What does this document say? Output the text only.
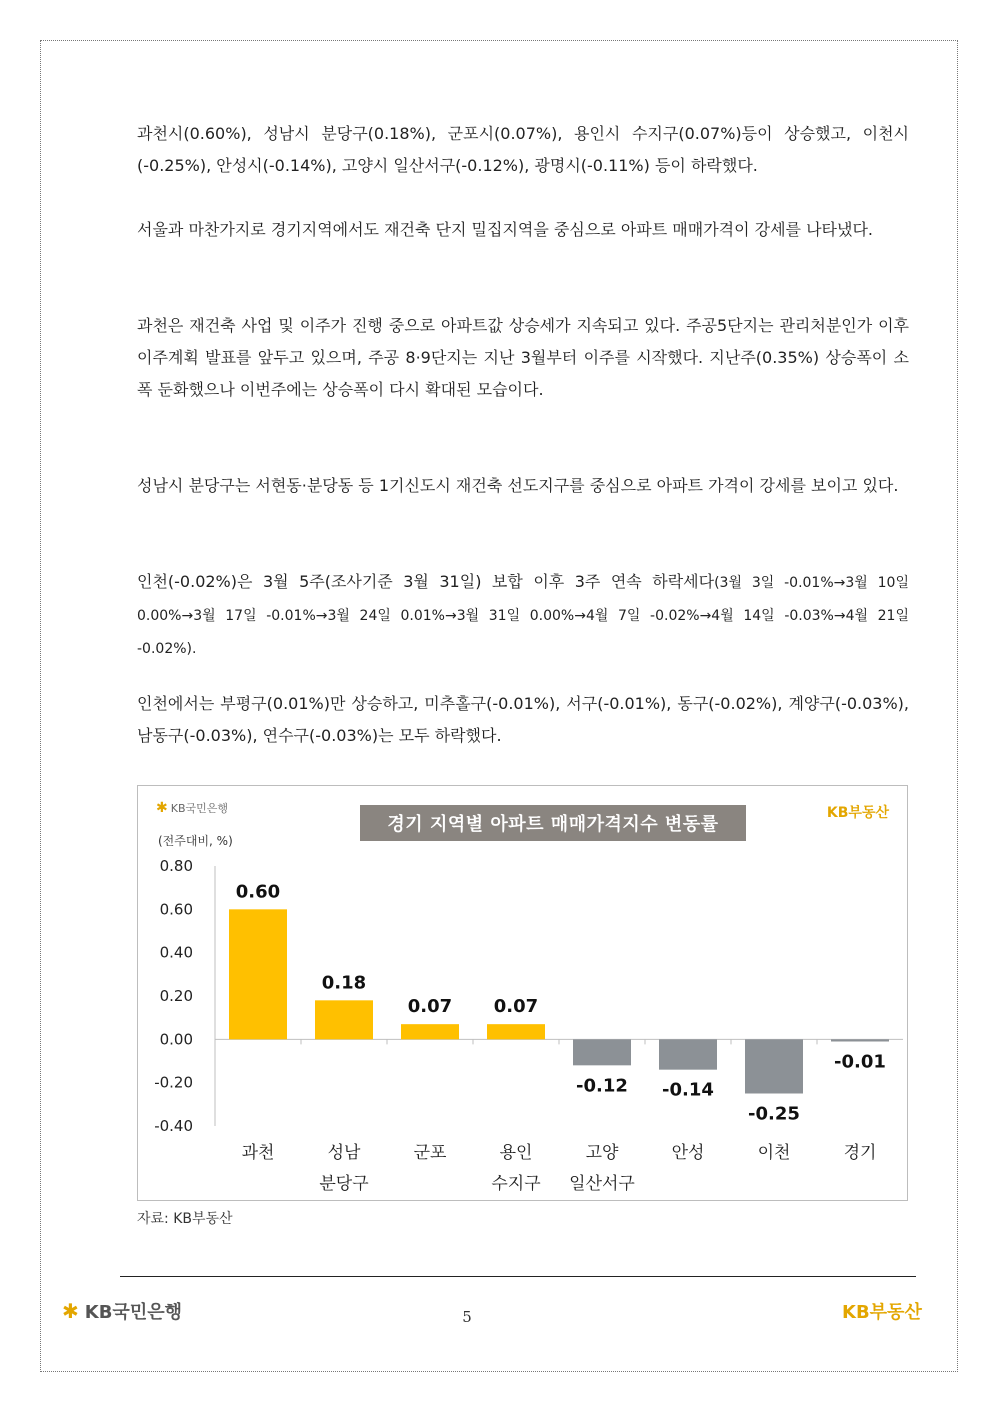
과천시(0.60%), 성남시 분당구(0.18%), 군포시(0.07%), 용인시 수지구(0.07%)등이 상승했고, 이천시(-0.25%), 안성시(-0.14%), 고양시 일산서구(-0.12%), 광명시(-0.11%) 등이 하락했다.

서울과 마찬가지로 경기지역에서도 재건축 단지 밀집지역을 중심으로 아파트 매매가격이 강세를 나타냈다.

과천은 재건축 사업 및 이주가 진행 중으로 아파트값 상승세가 지속되고 있다. 주공5단지는 관리처분인가 이후 이주계획 발표를 앞두고 있으며, 주공 8·9단지는 지난 3월부터 이주를 시작했다. 지난주(0.35%) 상승폭이 소폭 둔화했으나 이번주에는 상승폭이 다시 확대된 모습이다.

성남시 분당구는 서현동·분당동 등 1기신도시 재건축 선도지구를 중심으로 아파트 가격이 강세를 보이고 있다.

인천(-0.02%)은 3월 5주(조사기준 3월 31일) 보합 이후 3주 연속 하락세다(3월 3일 -0.01%→3월 10일 0.00%→3월 17일 -0.01%→3월 24일 0.01%→3월 31일 0.00%→4월 7일 -0.02%→4월 14일 -0.03%→4월 21일 -0.02%).

인천에서는 부평구(0.01%)만 상승하고, 미추홀구(-0.01%), 서구(-0.01%), 동구(-0.02%), 계양구(-0.03%), 남동구(-0.03%), 연수구(-0.03%)는 모두 하락했다.

✱ KB국민은행
경기 지역별 아파트 매매가격지수 변동률
KB부동산
(전주대비, %)
0.80
0.60
0.40
0.20
0.00
-0.20
-0.40
0.60
과천
0.18
성남
분당구
0.07
군포
0.07
용인
수지구
-0.12
고양
일산서구
-0.14
안성
-0.25
이천
-0.01
경기
자료: KB부동산
✱ KB국민은행	5	KB부동산
